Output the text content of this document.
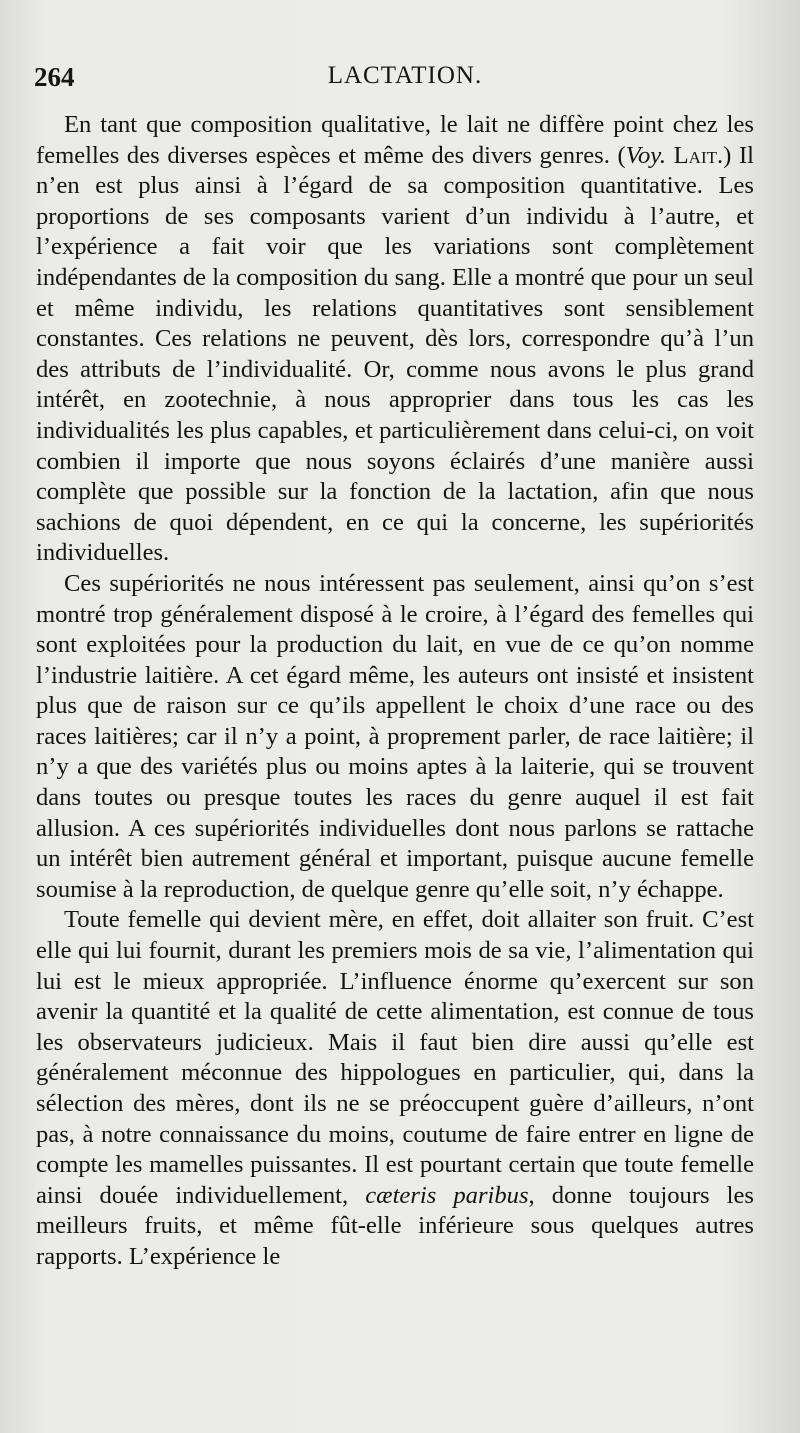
264	LACTATION.

En tant que composition qualitative, le lait ne diffère point chez les femelles des diverses espèces et même des divers genres. (Voy. Lait.) Il n’en est plus ainsi à l’égard de sa composition quantitative. Les proportions de ses composants varient d’un individu à l’autre, et l’expérience a fait voir que les variations sont complètement indépendantes de la composition du sang. Elle a montré que pour un seul et même individu, les relations quantitatives sont sensiblement constantes. Ces relations ne peuvent, dès lors, correspondre qu’à l’un des attributs de l’individualité. Or, comme nous avons le plus grand intérêt, en zootechnie, à nous approprier dans tous les cas les individualités les plus capables, et particulièrement dans celui-ci, on voit combien il importe que nous soyons éclairés d’une manière aussi complète que possible sur la fonction de la lactation, afin que nous sachions de quoi dépendent, en ce qui la concerne, les supériorités individuelles.

Ces supériorités ne nous intéressent pas seulement, ainsi qu’on s’est montré trop généralement disposé à le croire, à l’égard des femelles qui sont exploitées pour la production du lait, en vue de ce qu’on nomme l’industrie laitière. A cet égard même, les auteurs ont insisté et insistent plus que de raison sur ce qu’ils appellent le choix d’une race ou des races laitières; car il n’y a point, à proprement parler, de race laitière; il n’y a que des variétés plus ou moins aptes à la laiterie, qui se trouvent dans toutes ou presque toutes les races du genre auquel il est fait allusion. A ces supériorités individuelles dont nous parlons se rattache un intérêt bien autrement général et important, puisque aucune femelle soumise à la reproduction, de quelque genre qu’elle soit, n’y échappe.

Toute femelle qui devient mère, en effet, doit allaiter son fruit. C’est elle qui lui fournit, durant les premiers mois de sa vie, l’alimentation qui lui est le mieux appropriée. L’influence énorme qu’exercent sur son avenir la quantité et la qualité de cette alimentation, est connue de tous les observateurs judicieux. Mais il faut bien dire aussi qu’elle est généralement méconnue des hippologues en particulier, qui, dans la sélection des mères, dont ils ne se préoccupent guère d’ailleurs, n’ont pas, à notre connaissance du moins, coutume de faire entrer en ligne de compte les mamelles puissantes. Il est pourtant certain que toute femelle ainsi douée individuellement, cæteris paribus, donne toujours les meilleurs fruits, et même fût-elle inférieure sous quelques autres rapports. L’expérience le
